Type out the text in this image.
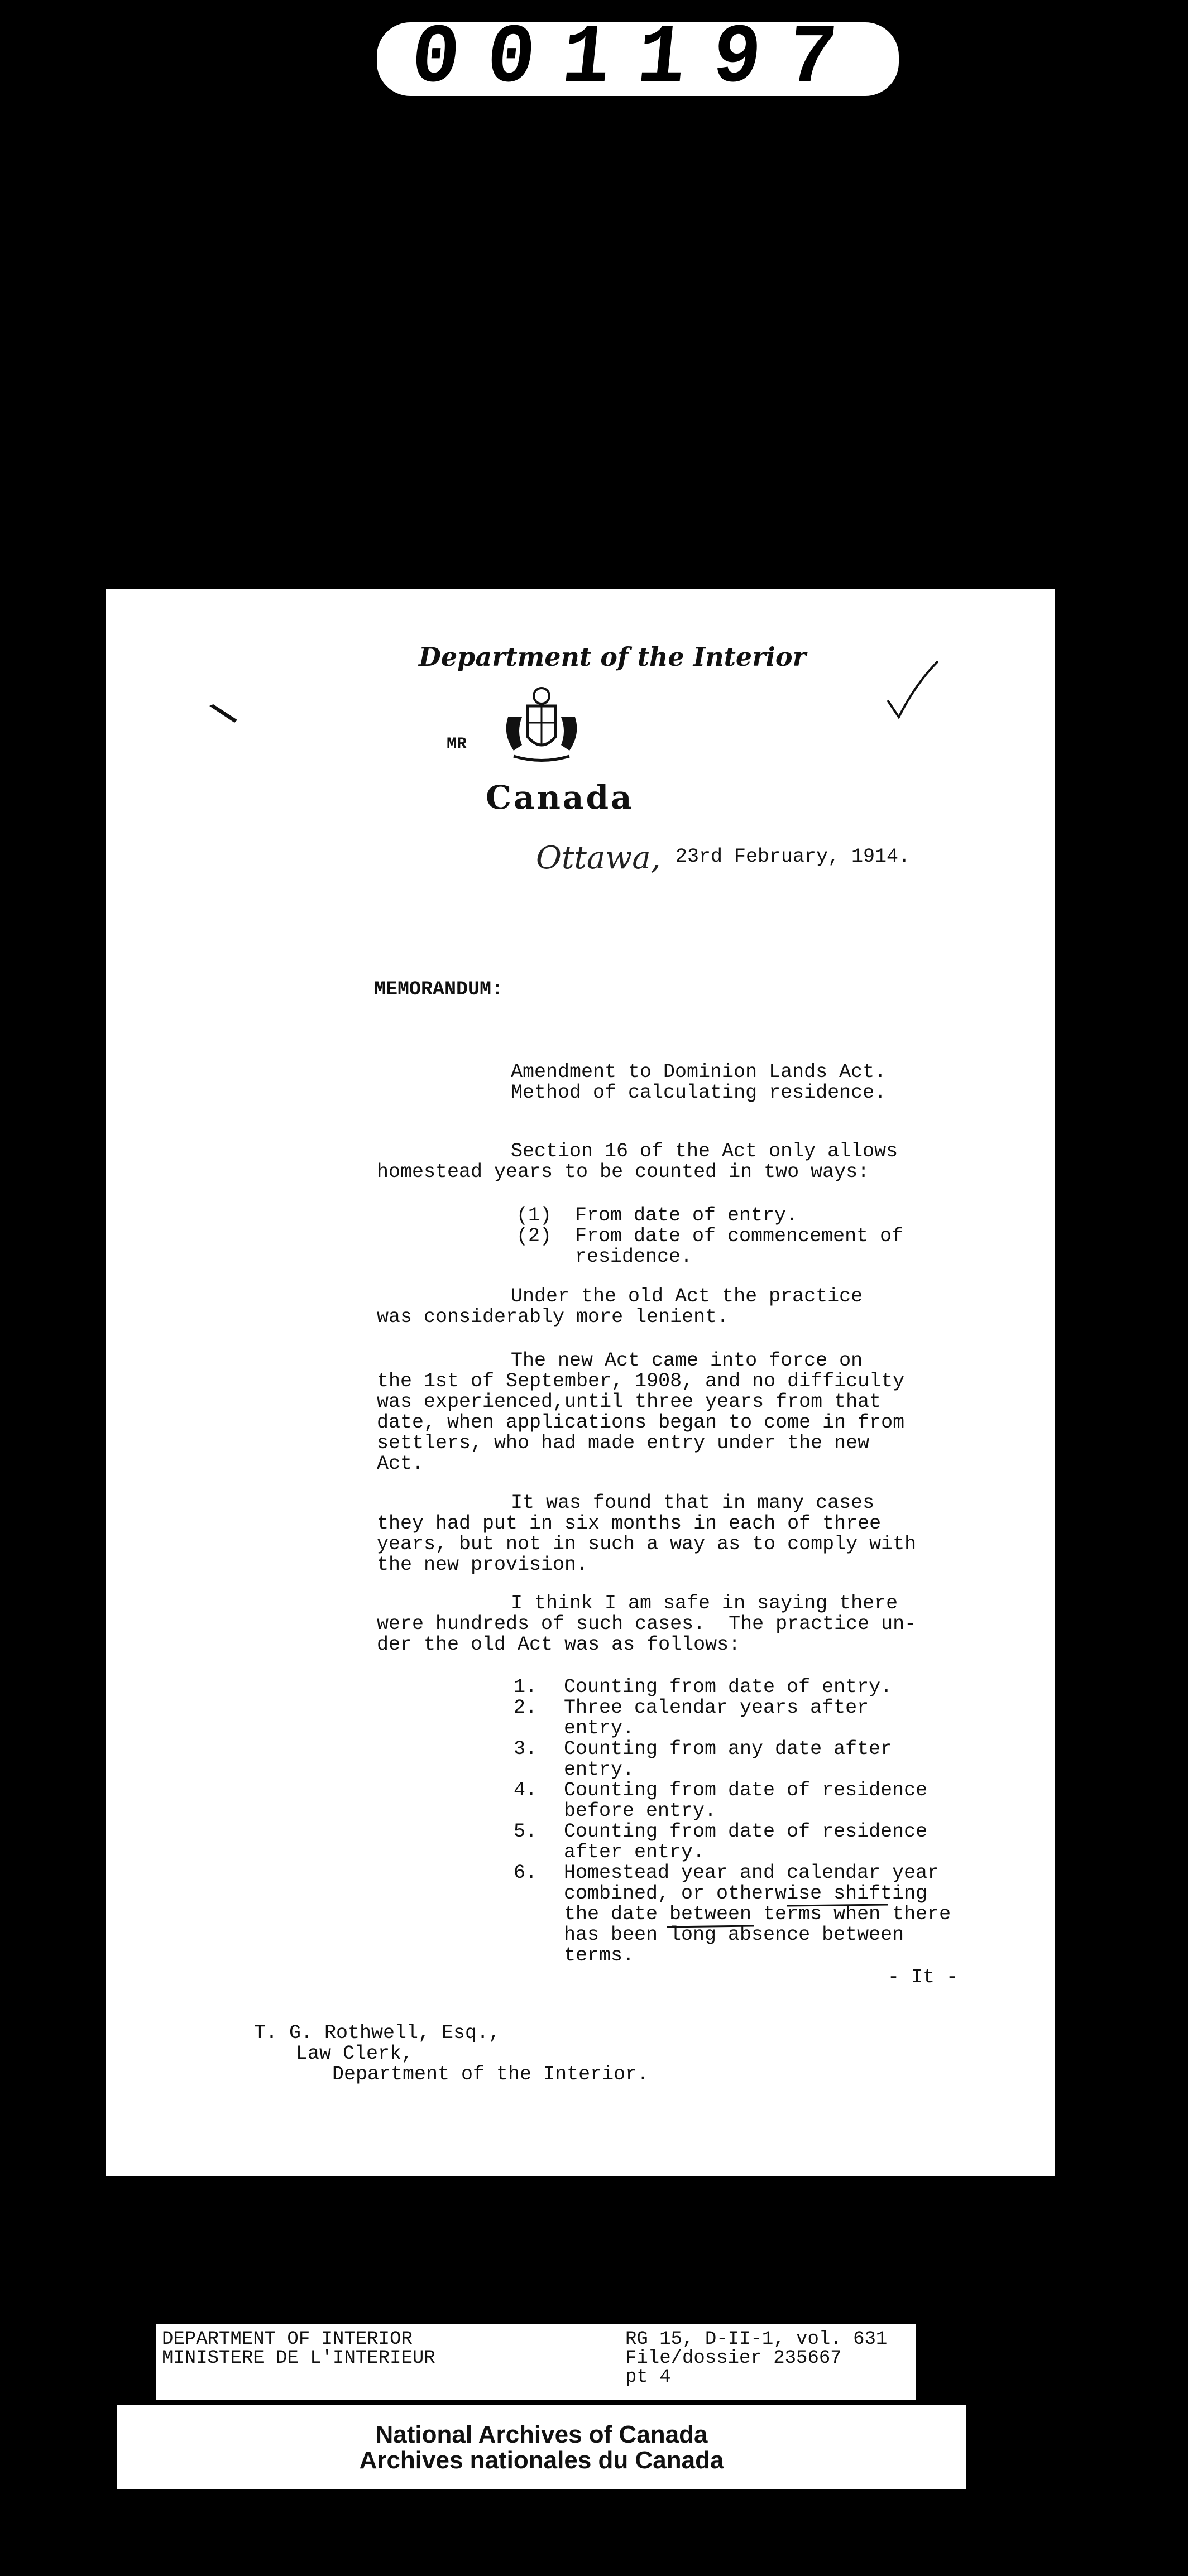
001197
Department of the Interior
MR
Canada
Ottawa, 23rd February, 1914.
MEMORANDUM:
Amendment to Dominion Lands Act.
Method of calculating residence.
Section 16 of the Act only allows
homestead years to be counted in two ways:
(1) From date of entry.
(2) From date of commencement of
residence.
Under the old Act the practice
was considerably more lenient.
The new Act came into force on
the 1st of September, 1908, and no difficulty
was experienced,until three years from that
date, when applications began to come in from
settlers, who had made entry under the new
Act.
It was found that in many cases
they had put in six months in each of three
years, but not in such a way as to comply with
the new provision.
I think I am safe in saying there
were hundreds of such cases.  The practice un-
der the old Act was as follows:
1. Counting from date of entry.
2. Three calendar years after
entry.
3. Counting from any date after
entry.
4. Counting from date of residence
before entry.
5. Counting from date of residence
after entry.
6. Homestead year and calendar year
combined, or otherwise shifting
the date between terms when there
has been long absence between
terms.
- It -
T. G. Rothwell, Esq.,
Law Clerk,
Department of the Interior.
DEPARTMENT OF INTERIOR
MINISTERE DE L'INTERIEUR
RG 15, D-II-1, vol. 631
File/dossier 235667
pt 4
National Archives of Canada
Archives nationales du Canada
